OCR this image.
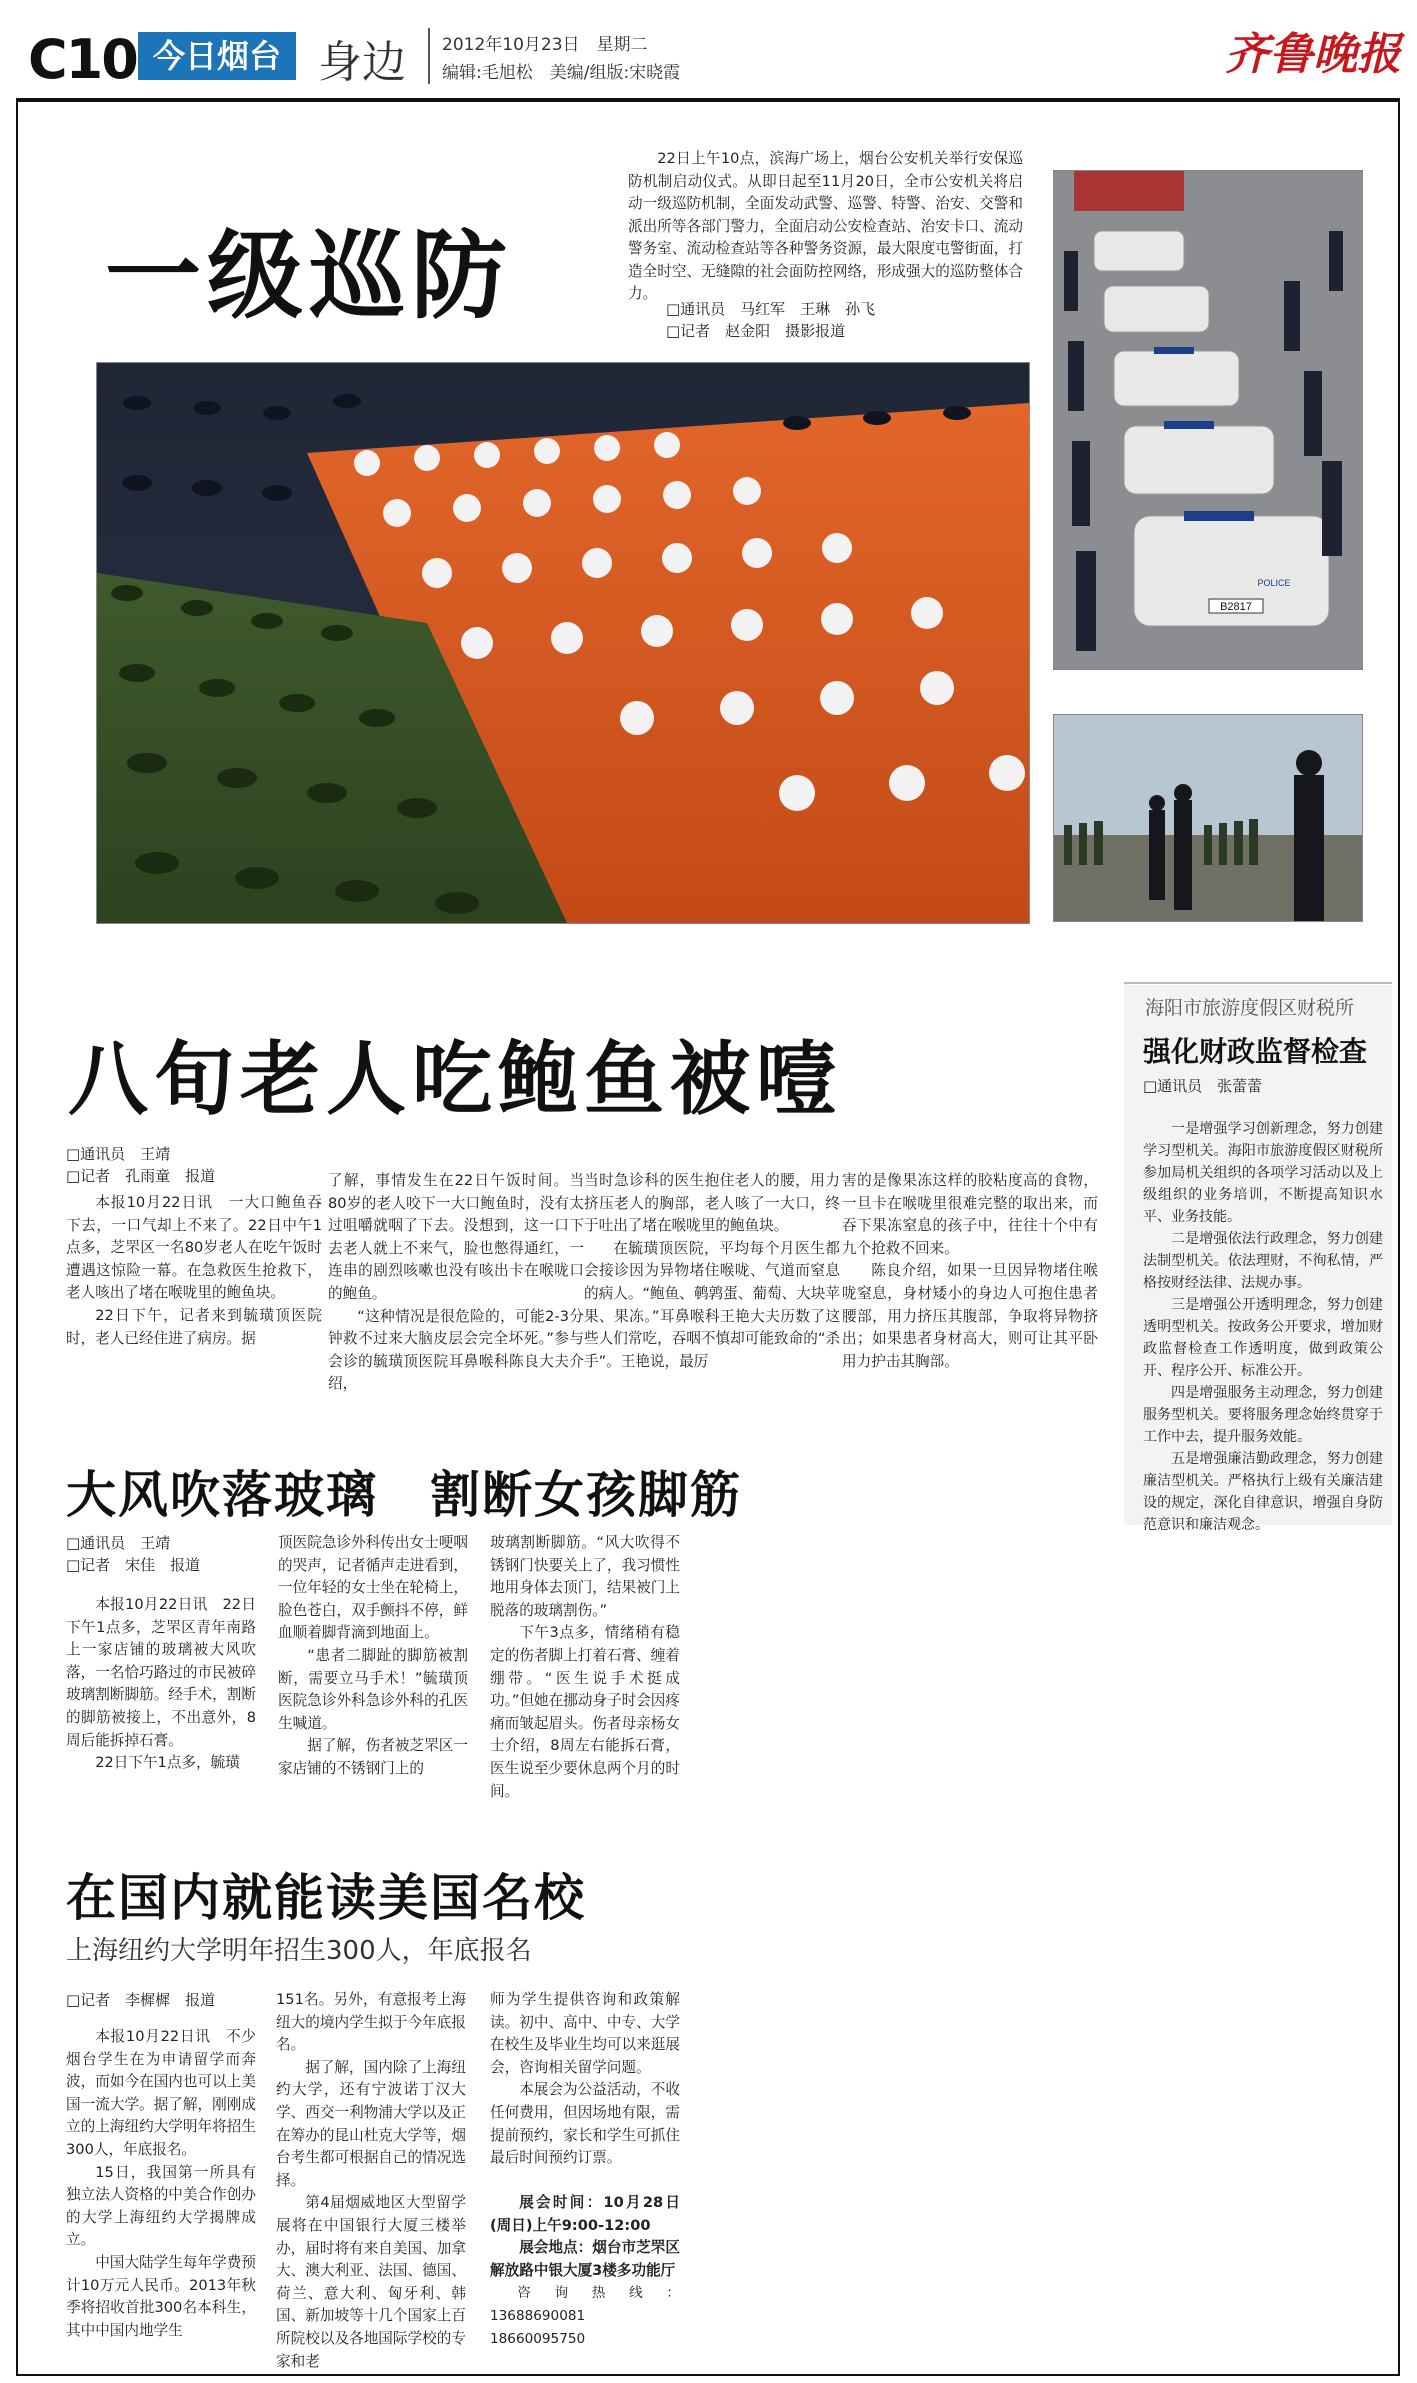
C10 今日烟台 身边 2012年10月23日　星期二
编辑:毛旭松　美编/组版:宋晓霞	齐鲁晚报
一级巡防

22日上午10点，滨海广场上，烟台公安机关举行安保巡防机制启动仪式。从即日起至11月20日，全市公安机关将启动一级巡防机制，全面发动武警、巡警、特警、治安、交警和派出所等各部门警力，全面启动公安检查站、治安卡口、流动警务室、流动检查站等各种警务资源，最大限度屯警街面，打造全时空、无缝隙的社会面防控网络，形成强大的巡防整体合力。

□通讯员　马红军　王琳　孙飞
□记者　赵金阳　摄影报道
B2817
POLICE
八旬老人吃鲍鱼被噎
□通讯员　王靖
□记者　孔雨童　报道

本报10月22日讯　一大口鲍鱼吞下去，一口气却上不来了。22日中午1点多，芝罘区一名80岁老人在吃午饭时遭遇这惊险一幕。在急救医生抢救下，老人咳出了堵在喉咙里的鲍鱼块。

22日下午，记者来到毓璜顶医院时，老人已经住进了病房。据

了解，事情发生在22日午饭时间。当80岁的老人咬下一大口鲍鱼时，没有太过咀嚼就咽了下去。没想到，这一口下去老人就上不来气，脸也憋得通红，一连串的剧烈咳嗽也没有咳出卡在喉咙口的鲍鱼。

“这种情况是很危险的，可能2-3分钟救不过来大脑皮层会完全坏死。”参与会诊的毓璜顶医院耳鼻喉科陈良大夫介绍，

当时急诊科的医生抱住老人的腰，用力挤压老人的胸部，老人咳了一大口，终于吐出了堵在喉咙里的鲍鱼块。

在毓璜顶医院，平均每个月医生都会接诊因为异物堵住喉咙、气道而窒息的病人。“鲍鱼、鹌鹑蛋、葡萄、大块苹果、果冻。”耳鼻喉科王艳大夫历数了这些人们常吃，吞咽不慎却可能致命的“杀手”。王艳说，最厉

害的是像果冻这样的胶粘度高的食物，一旦卡在喉咙里很难完整的取出来，而吞下果冻窒息的孩子中，往往十个中有九个抢救不回来。

陈良介绍，如果一旦因异物堵住喉咙窒息，身材矮小的身边人可抱住患者腰部，用力挤压其腹部，争取将异物挤出；如果患者身材高大，则可让其平卧用力护击其胸部。

海阳市旅游度假区财税所
强化财政监督检查
□通讯员　张蕾蕾

一是增强学习创新理念，努力创建学习型机关。海阳市旅游度假区财税所参加局机关组织的各项学习活动以及上级组织的业务培训，不断提高知识水平、业务技能。

二是增强依法行政理念，努力创建法制型机关。依法理财，不徇私情，严格按财经法律、法规办事。

三是增强公开透明理念，努力创建透明型机关。按政务公开要求，增加财政监督检查工作透明度，做到政策公开、程序公开、标准公开。

四是增强服务主动理念，努力创建服务型机关。要将服务理念始终贯穿于工作中去，提升服务效能。

五是增强廉洁勤政理念，努力创建廉洁型机关。严格执行上级有关廉洁建设的规定，深化自律意识，增强自身防范意识和廉洁观念。

大风吹落玻璃　割断女孩脚筋
□通讯员　王靖
□记者　宋佳　报道

本报10月22日讯　22日下午1点多，芝罘区青年南路上一家店铺的玻璃被大风吹落，一名恰巧路过的市民被碎玻璃割断脚筋。经手术，割断的脚筋被接上，不出意外，8周后能拆掉石膏。

22日下午1点多，毓璜

顶医院急诊外科传出女士哽咽的哭声，记者循声走进看到，一位年轻的女士坐在轮椅上，脸色苍白，双手颤抖不停，鲜血顺着脚背滴到地面上。

“患者二脚趾的脚筋被割断，需要立马手术！”毓璜顶医院急诊外科急诊外科的孔医生喊道。

据了解，伤者被芝罘区一家店铺的不锈钢门上的

玻璃割断脚筋。“风大吹得不锈钢门快要关上了，我习惯性地用身体去顶门，结果被门上脱落的玻璃割伤。”

下午3点多，情绪稍有稳定的伤者脚上打着石膏、缠着绷带。“医生说手术挺成功。”但她在挪动身子时会因疼痛而皱起眉头。伤者母亲杨女士介绍，8周左右能拆石膏，医生说至少要休息两个月的时间。

在国内就能读美国名校
上海纽约大学明年招生300人，年底报名
□记者　李樨樨　报道

本报10月22日讯　不少烟台学生在为申请留学而奔波，而如今在国内也可以上美国一流大学。据了解，刚刚成立的上海纽约大学明年将招生300人，年底报名。

15日，我国第一所具有独立法人资格的中美合作创办的大学上海纽约大学揭牌成立。

中国大陆学生每年学费预计10万元人民币。2013年秋季将招收首批300名本科生，其中中国内地学生

151名。另外，有意报考上海纽大的境内学生拟于今年底报名。

据了解，国内除了上海纽约大学，还有宁波诺丁汉大学、西交一利物浦大学以及正在筹办的昆山杜克大学等，烟台考生都可根据自己的情况选择。

第4届烟威地区大型留学展将在中国银行大厦三楼举办，届时将有来自美国、加拿大、澳大利亚、法国、德国、荷兰、意大利、匈牙利、韩国、新加坡等十几个国家上百所院校以及各地国际学校的专家和老

师为学生提供咨询和政策解读。初中、高中、中专、大学在校生及毕业生均可以来逛展会，咨询相关留学问题。

本展会为公益活动，不收任何费用，但因场地有限，需提前预约，家长和学生可抓住最后时间预约订票。

展会时间：10月28日(周日)上午9:00-12:00

展会地点：烟台市芝罘区解放路中银大厦3楼多功能厅

咨询热线：13688690081　18660095750
